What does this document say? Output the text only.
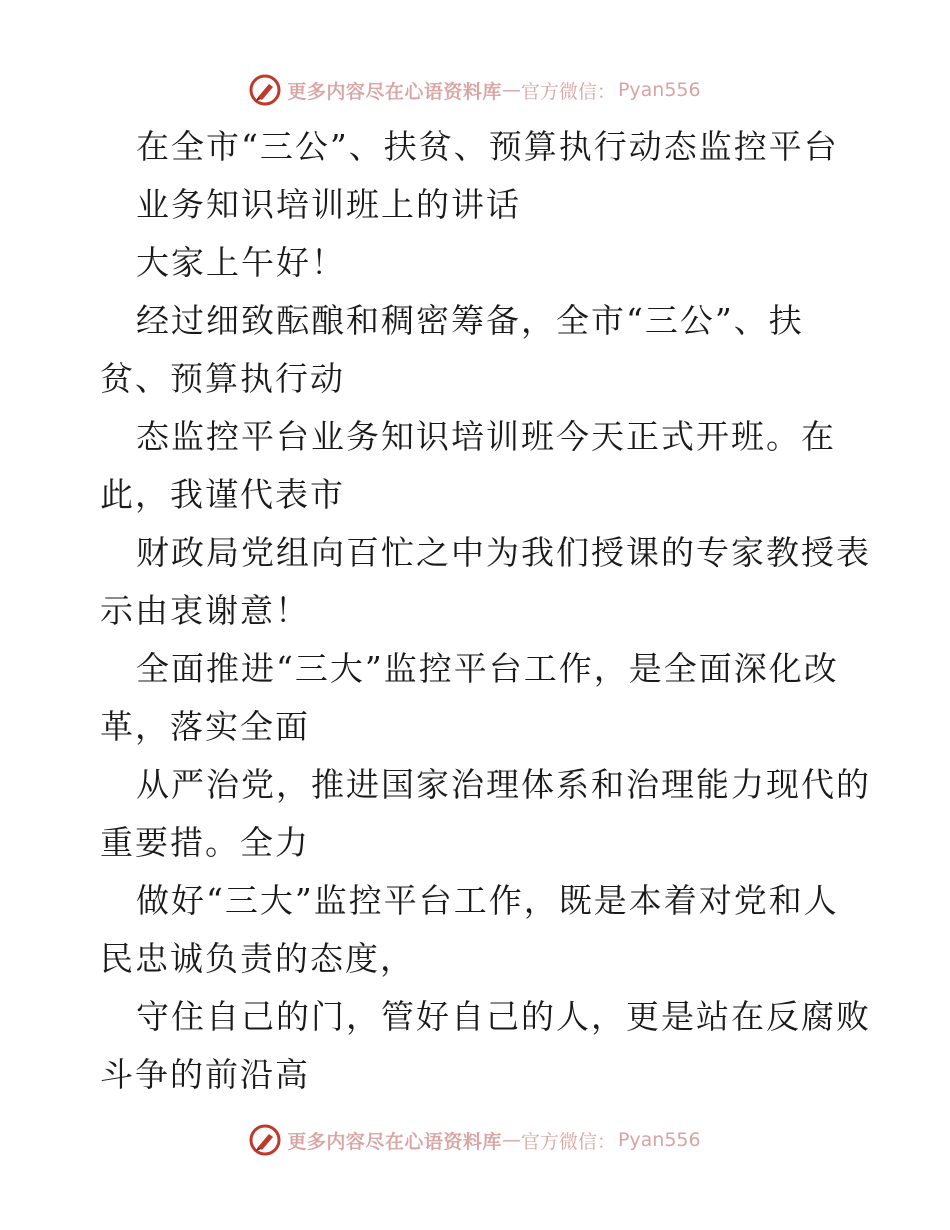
更多内容尽在心语资料库 — 官方微信： Pyan556
在全市“三公”、扶贫、预算执行动态监控平台
业务知识培训班上的讲话
大家上午好！
经过细致酝酿和稠密筹备，全市“三公”、扶
贫、预算执行动
态监控平台业务知识培训班今天正式开班。在
此，我谨代表市
财政局党组向百忙之中为我们授课的专家教授表
示由衷谢意！
全面推进“三大”监控平台工作，是全面深化改
革，落实全面
从严治党，推进国家治理体系和治理能力现代的
重要措。全力
做好“三大”监控平台工作，既是本着对党和人
民忠诚负责的态度，
守住自己的门，管好自己的人，更是站在反腐败
斗争的前沿高
更多内容尽在心语资料库 — 官方微信： Pyan556
